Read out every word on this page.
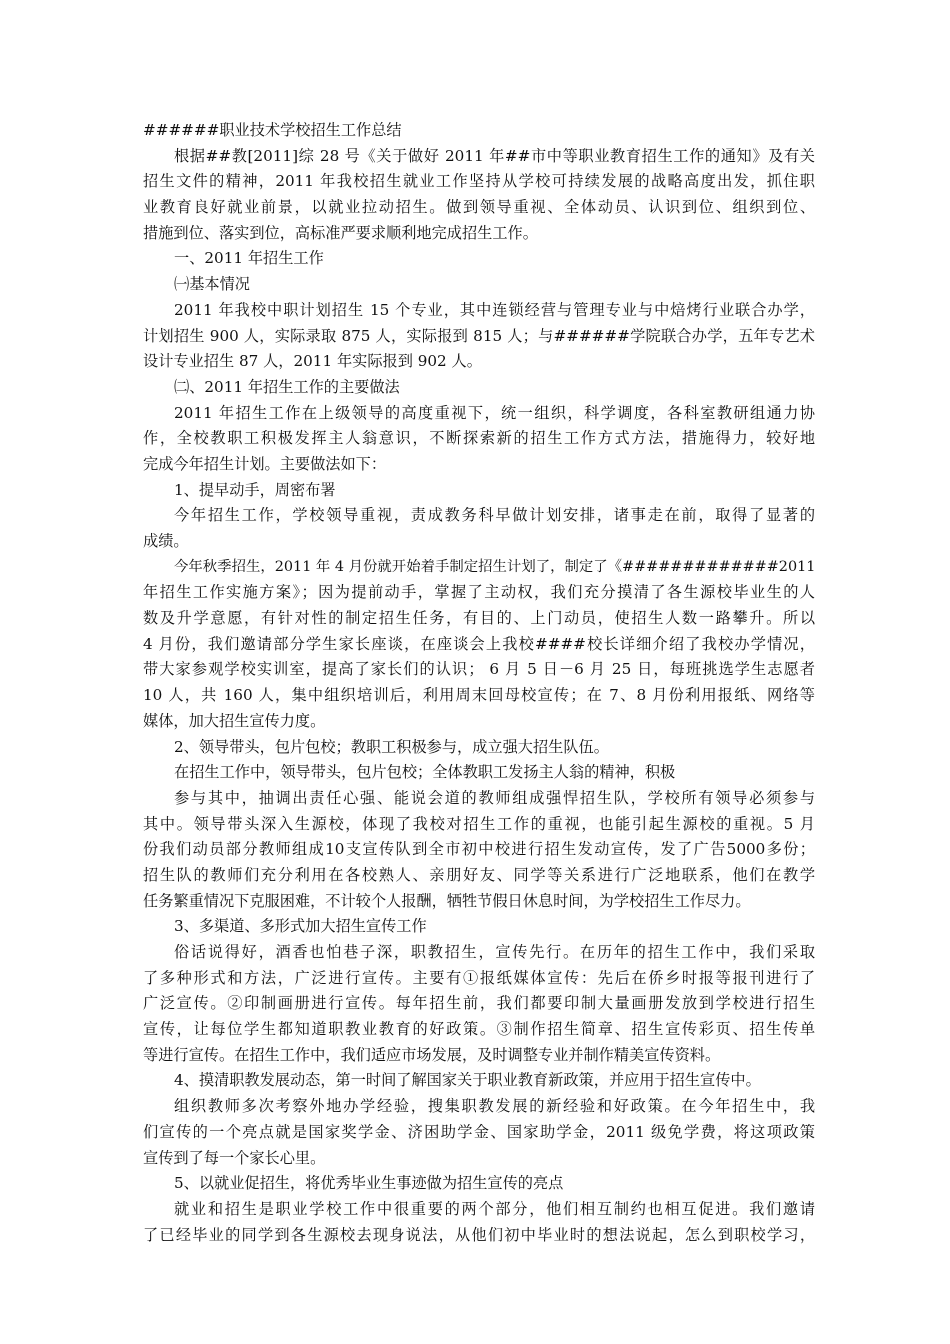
######职业技术学校招生工作总结
根据##教[2011]综 28 号《关于做好 2011 年##市中等职业教育招生工作的通知》及有关
招生文件的精神，2011 年我校招生就业工作坚持从学校可持续发展的战略高度出发，抓住职
业教育良好就业前景，以就业拉动招生。做到领导重视、全体动员、认识到位、组织到位、
措施到位、落实到位，高标准严要求顺利地完成招生工作。
一、2011 年招生工作
㈠基本情况
2011 年我校中职计划招生 15 个专业，其中连锁经营与管理专业与中焙烤行业联合办学，
计划招生 900 人，实际录取 875 人，实际报到 815 人；与######学院联合办学，五年专艺术
设计专业招生 87 人，2011 年实际报到 902 人。
㈡、2011 年招生工作的主要做法
2011 年招生工作在上级领导的高度重视下，统一组织，科学调度，各科室教研组通力协
作，全校教职工积极发挥主人翁意识，不断探索新的招生工作方式方法，措施得力，较好地
完成今年招生计划。主要做法如下：
1、提早动手，周密布署
今年招生工作，学校领导重视，责成教务科早做计划安排，诸事走在前，取得了显著的
成绩。
今年秋季招生，2011 年 4 月份就开始着手制定招生计划了，制定了《#############2011
年招生工作实施方案》；因为提前动手，掌握了主动权，我们充分摸清了各生源校毕业生的人
数及升学意愿，有针对性的制定招生任务，有目的、上门动员，使招生人数一路攀升。所以
4 月份，我们邀请部分学生家长座谈，在座谈会上我校####校长详细介绍了我校办学情况，
带大家参观学校实训室，提高了家长们的认识； 6 月 5 日－6 月 25 日，每班挑选学生志愿者
10 人，共 160 人，集中组织培训后，利用周末回母校宣传；在 7、8 月份利用报纸、网络等
媒体，加大招生宣传力度。
2、领导带头，包片包校；教职工积极参与，成立强大招生队伍。
在招生工作中，领导带头，包片包校；全体教职工发扬主人翁的精神，积极
参与其中，抽调出责任心强、能说会道的教师组成强悍招生队，学校所有领导必须参与
其中。领导带头深入生源校，体现了我校对招生工作的重视，也能引起生源校的重视。5 月
份我们动员部分教师组成10支宣传队到全市初中校进行招生发动宣传，发了广告5000多份；
招生队的教师们充分利用在各校熟人、亲朋好友、同学等关系进行广泛地联系，他们在教学
任务繁重情况下克服困难，不计较个人报酬，牺牲节假日休息时间，为学校招生工作尽力。
3、多渠道、多形式加大招生宣传工作
俗话说得好，酒香也怕巷子深，职教招生，宣传先行。在历年的招生工作中，我们采取
了多种形式和方法，广泛进行宣传。主要有①报纸媒体宣传：先后在侨乡时报等报刊进行了
广泛宣传。②印制画册进行宣传。每年招生前，我们都要印制大量画册发放到学校进行招生
宣传，让每位学生都知道职教业教育的好政策。③制作招生简章、招生宣传彩页、招生传单
等进行宣传。在招生工作中，我们适应市场发展，及时调整专业并制作精美宣传资料。
4、摸清职教发展动态，第一时间了解国家关于职业教育新政策，并应用于招生宣传中。
组织教师多次考察外地办学经验，搜集职教发展的新经验和好政策。在今年招生中，我
们宣传的一个亮点就是国家奖学金、济困助学金、国家助学金，2011 级免学费，将这项政策
宣传到了每一个家长心里。
5、以就业促招生，将优秀毕业生事迹做为招生宣传的亮点
就业和招生是职业学校工作中很重要的两个部分，他们相互制约也相互促进。我们邀请
了已经毕业的同学到各生源校去现身说法，从他们初中毕业时的想法说起，怎么到职校学习，
